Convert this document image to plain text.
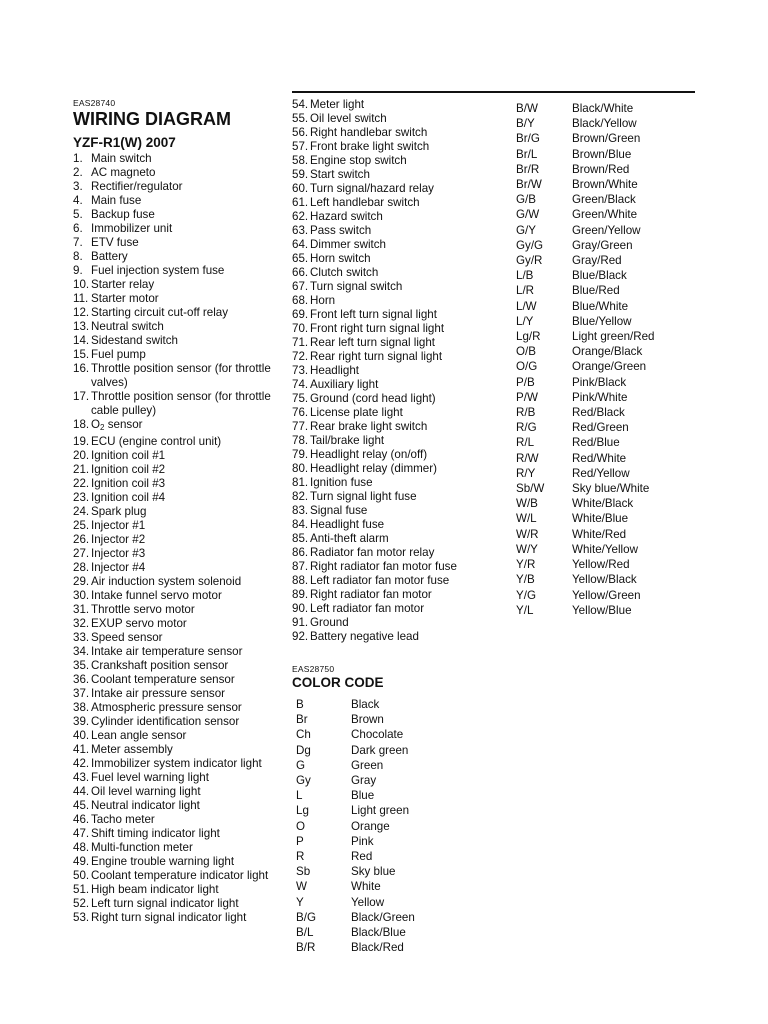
EAS28740
WIRING DIAGRAM
YZF-R1(W) 2007
1. Main switch
2. AC magneto
3. Rectifier/regulator
4. Main fuse
5. Backup fuse
6. Immobilizer unit
7. ETV fuse
8. Battery
9. Fuel injection system fuse
10. Starter relay
11. Starter motor
12. Starting circuit cut-off relay
13. Neutral switch
14. Sidestand switch
15. Fuel pump
16. Throttle position sensor (for throttle valves)
17. Throttle position sensor (for throttle cable pulley)
18. $O_2$ sensor
19. ECU (engine control unit)
20. Ignition coil #1
21. Ignition coil #2
22. Ignition coil #3
23. Ignition coil #4
24. Spark plug
25. Injector #1
26. Injector #2
27. Injector #3
28. Injector #4
29. Air induction system solenoid
30. Intake funnel servo motor
31. Throttle servo motor
32. EXUP servo motor
33. Speed sensor
34. Intake air temperature sensor
35. Crankshaft position sensor
36. Coolant temperature sensor
37. Intake air pressure sensor
38. Atmospheric pressure sensor
39. Cylinder identification sensor
40. Lean angle sensor
41. Meter assembly
42. Immobilizer system indicator light
43. Fuel level warning light
44. Oil level warning light
45. Neutral indicator light
46. Tacho meter
47. Shift timing indicator light
48. Multi-function meter
49. Engine trouble warning light
50. Coolant temperature indicator light
51. High beam indicator light
52. Left turn signal indicator light
53. Right turn signal indicator light
54. Meter light
55. Oil level switch
56. Right handlebar switch
57. Front brake light switch
58. Engine stop switch
59. Start switch
60. Turn signal/hazard relay
61. Left handlebar switch
62. Hazard switch
63. Pass switch
64. Dimmer switch
65. Horn switch
66. Clutch switch
67. Turn signal switch
68. Horn
69. Front left turn signal light
70. Front right turn signal light
71. Rear left turn signal light
72. Rear right turn signal light
73. Headlight
74. Auxiliary light
75. Ground (cord head light)
76. License plate light
77. Rear brake light switch
78. Tail/brake light
79. Headlight relay (on/off)
80. Headlight relay (dimmer)
81. Ignition fuse
82. Turn signal light fuse
83. Signal fuse
84. Headlight fuse
85. Anti-theft alarm
86. Radiator fan motor relay
87. Right radiator fan motor fuse
88. Left radiator fan motor fuse
89. Right radiator fan motor
90. Left radiator fan motor
91. Ground
92. Battery negative lead
EAS28750
COLOR CODE
B	Black
Br	Brown
Ch	Chocolate
Dg	Dark green
G	Green
Gy	Gray
L	Blue
Lg	Light green
O	Orange
P	Pink
R	Red
Sb	Sky blue
W	White
Y	Yellow
B/G	Black/Green
B/L	Black/Blue
B/R	Black/Red
B/W	Black/White
B/Y	Black/Yellow
Br/G	Brown/Green
Br/L	Brown/Blue
Br/R	Brown/Red
Br/W	Brown/White
G/B	Green/Black
G/W	Green/White
G/Y	Green/Yellow
Gy/G	Gray/Green
Gy/R	Gray/Red
L/B	Blue/Black
L/R	Blue/Red
L/W	Blue/White
L/Y	Blue/Yellow
Lg/R	Light green/Red
O/B	Orange/Black
O/G	Orange/Green
P/B	Pink/Black
P/W	Pink/White
R/B	Red/Black
R/G	Red/Green
R/L	Red/Blue
R/W	Red/White
R/Y	Red/Yellow
Sb/W	Sky blue/White
W/B	White/Black
W/L	White/Blue
W/R	White/Red
W/Y	White/Yellow
Y/R	Yellow/Red
Y/B	Yellow/Black
Y/G	Yellow/Green
Y/L	Yellow/Blue
